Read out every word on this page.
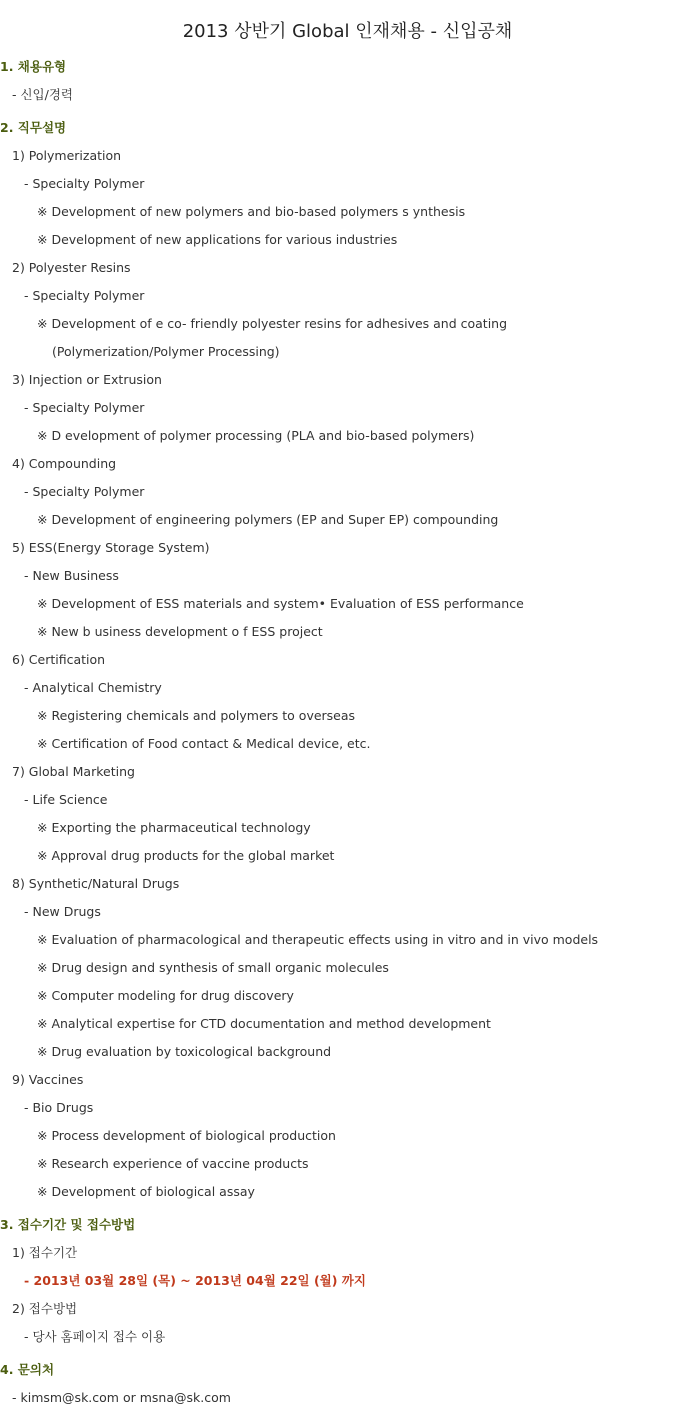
2013 상반기 Global 인재채용 - 신입공채
1. 채용유형
- 신입/경력
2. 직무설명
1) Polymerization
- Specialty Polymer
※ Development of new polymers and bio-based polymers s ynthesis
※ Development of new applications for various industries
2) Polyester Resins
- Specialty Polymer
※ Development of e co- friendly polyester resins for adhesives and coating
(Polymerization/Polymer Processing)
3) Injection or Extrusion
- Specialty Polymer
※ D evelopment of polymer processing (PLA and bio-based polymers)
4) Compounding
- Specialty Polymer
※ Development of engineering polymers (EP and Super EP) compounding
5) ESS(Energy Storage System)
- New Business
※ Development of ESS materials and system• Evaluation of ESS performance
※ New b usiness development o f ESS project
6) Certification
- Analytical Chemistry
※ Registering chemicals and polymers to overseas
※ Certification of Food contact & Medical device, etc.
7) Global Marketing
- Life Science
※ Exporting the pharmaceutical technology
※ Approval drug products for the global market
8) Synthetic/Natural Drugs
- New Drugs
※ Evaluation of pharmacological and therapeutic effects using in vitro and in vivo models
※ Drug design and synthesis of small organic molecules
※ Computer modeling for drug discovery
※ Analytical expertise for CTD documentation and method development
※ Drug evaluation by toxicological background
9) Vaccines
- Bio Drugs
※ Process development of biological production
※ Research experience of vaccine products
※ Development of biological assay
3. 접수기간 및 접수방법
1) 접수기간
- 2013년 03월 28일 (목) ~ 2013년 04월 22일 (월) 까지
2) 접수방법
- 당사 홈페이지 접수 이용
4. 문의처
- kimsm@sk.com or msna@sk.com
